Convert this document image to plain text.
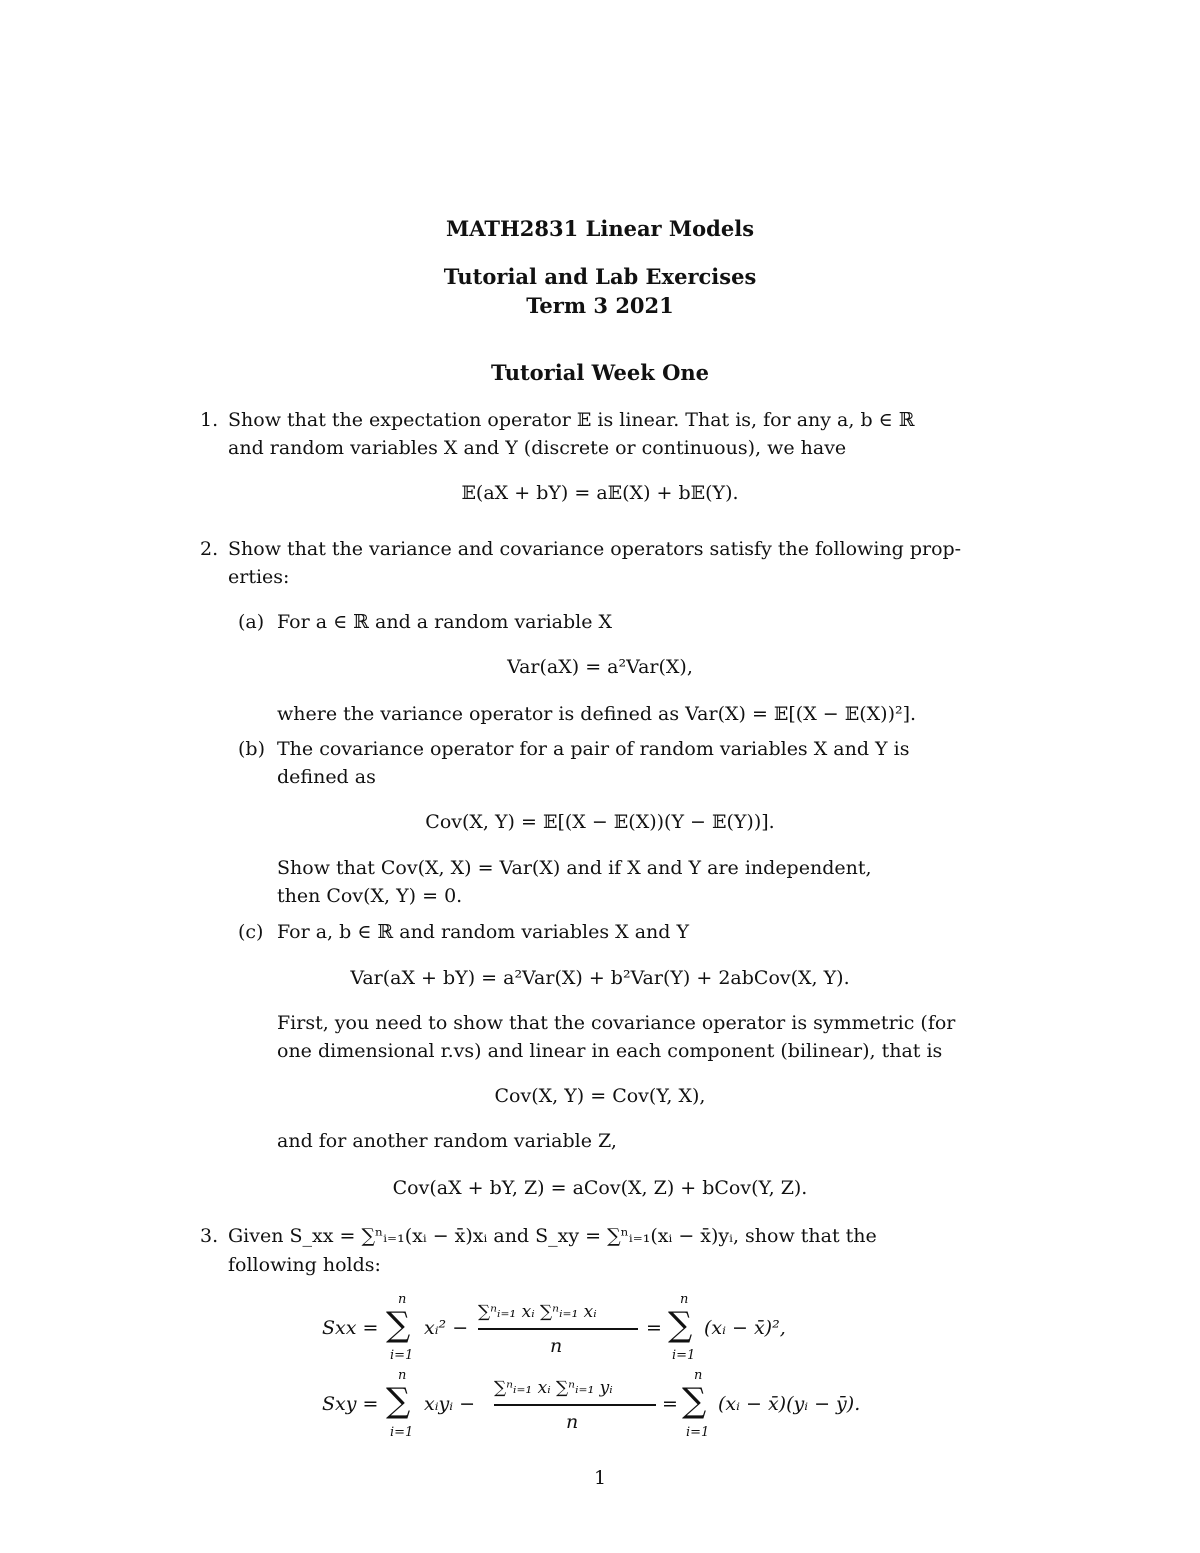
MATH2831 Linear Models
Tutorial and Lab Exercises
Term 3 2021
Tutorial Week One
1. Show that the expectation operator 𝔼 is linear. That is, for any a, b ∈ ℝ
and random variables X and Y (discrete or continuous), we have
𝔼(aX + bY) = a𝔼(X) + b𝔼(Y).
2. Show that the variance and covariance operators satisfy the following prop-
erties:
(a) For a ∈ ℝ and a random variable X
Var(aX) = a²Var(X),
where the variance operator is defined as Var(X) = 𝔼[(X − 𝔼(X))²].
(b) The covariance operator for a pair of random variables X and Y is
defined as
Cov(X, Y) = 𝔼[(X − 𝔼(X))(Y − 𝔼(Y))].
Show that Cov(X, X) = Var(X) and if X and Y are independent,
then Cov(X, Y) = 0.
(c) For a, b ∈ ℝ and random variables X and Y
Var(aX + bY) = a²Var(X) + b²Var(Y) + 2abCov(X, Y).
First, you need to show that the covariance operator is symmetric (for
one dimensional r.vs) and linear in each component (bilinear), that is
Cov(X, Y) = Cov(Y, X),
and for another random variable Z,
Cov(aX + bY, Z) = aCov(X, Z) + bCov(Y, Z).
3. Given S_xx = ∑ⁿᵢ₌₁(xᵢ − x̄)xᵢ and S_xy = ∑ⁿᵢ₌₁(xᵢ − x̄)yᵢ, show that the
following holds:
Sxx =
n
∑
i=1
xᵢ² −
∑ⁿᵢ₌₁ xᵢ ∑ⁿᵢ₌₁ xᵢ
n
=
n
∑
i=1
(xᵢ − x̄)²,
Sxy =
n
∑
i=1
xᵢyᵢ −
∑ⁿᵢ₌₁ xᵢ ∑ⁿᵢ₌₁ yᵢ
n
=
n
∑
i=1
(xᵢ − x̄)(yᵢ − ȳ).
1
